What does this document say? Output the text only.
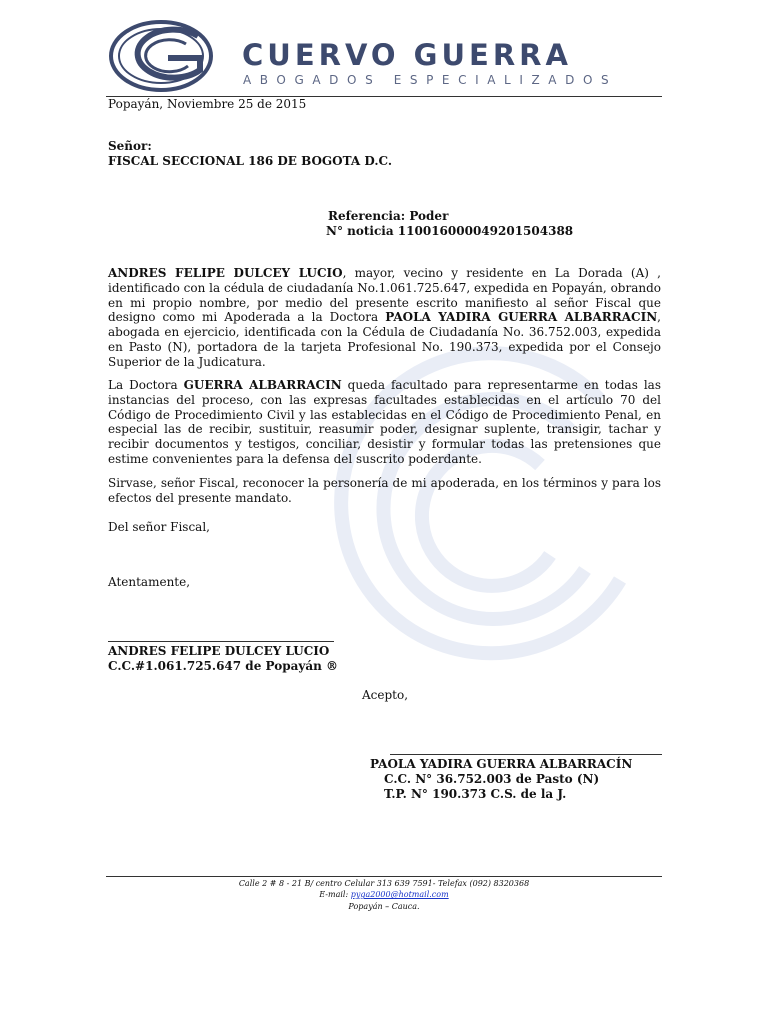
CUERVO GUERRA
ABOGADOS ESPECIALIZADOS
Popayán, Noviembre 25 de 2015
Señor:
FISCAL SECCIONAL 186 DE BOGOTA D.C.
Referencia: Poder
N° noticia 110016000049201504388
ANDRES FELIPE DULCEY LUCIO, mayor, vecino y residente en La Dorada (A) , identificado con la cédula de ciudadanía No.1.061.725.647, expedida en Popayán, obrando en mi propio nombre, por medio del presente escrito manifiesto al señor Fiscal que designo como mi Apoderada a la Doctora PAOLA YADIRA GUERRA ALBARRACIN, abogada en ejercicio, identificada con la Cédula de Ciudadanía No. 36.752.003, expedida en Pasto (N), portadora de la tarjeta Profesional No. 190.373, expedida por el Consejo Superior de la Judicatura.
La Doctora GUERRA ALBARRACIN queda facultado para representarme en todas las instancias del proceso, con las expresas facultades establecidas en el artículo 70 del Código de Procedimiento Civil y las establecidas en el Código de Procedimiento Penal, en especial las de recibir, sustituir, reasumir poder, designar suplente, transigir, tachar y recibir documentos y testigos, conciliar, desistir y formular todas las pretensiones que estime convenientes para la defensa del suscrito poderdante.
Sirvase, señor Fiscal, reconocer la personería de mi apoderada, en los términos y para los efectos del presente mandato.
Del señor Fiscal,
Atentamente,
ANDRES FELIPE DULCEY LUCIO
C.C.#1.061.725.647 de Popayán ®
Acepto,
PAOLA YADIRA GUERRA ALBARRACÍN
C.C. N° 36.752.003 de Pasto (N)
T.P. N° 190.373 C.S. de la J.
Calle 2 # 8 - 21 B/ centro Celular 313 639 7591- Telefax (092) 8320368
E-mail: pyga2000@hotmail.com
Popayán – Cauca.
